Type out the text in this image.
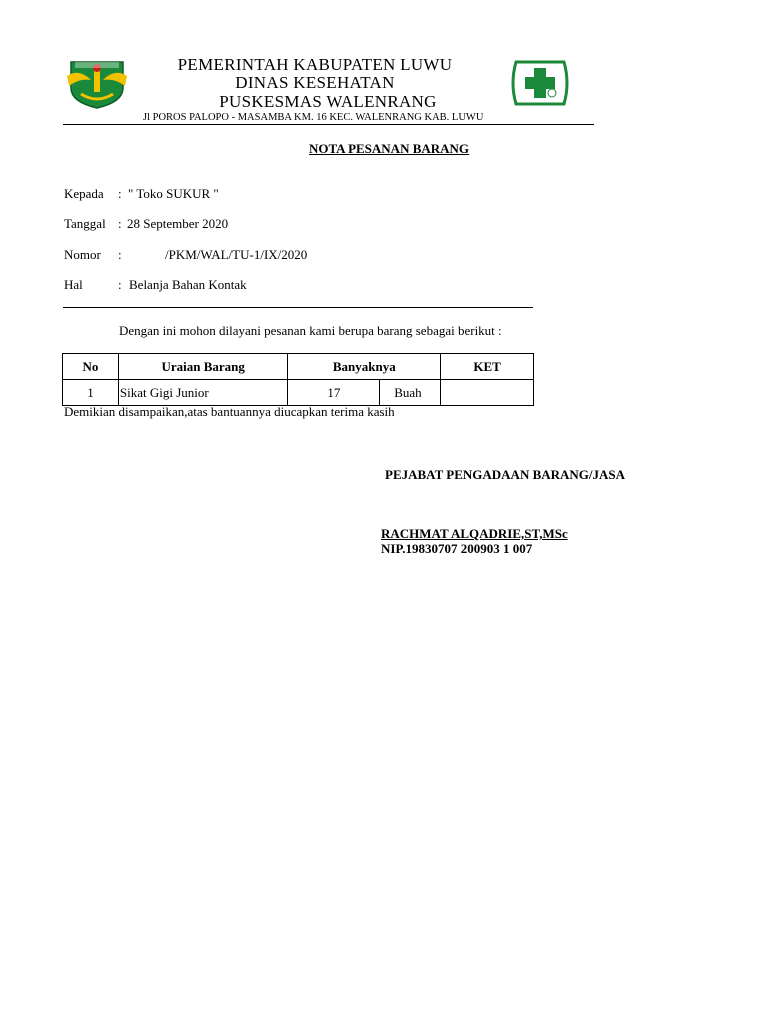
PEMERINTAH KABUPATEN LUWU
DINAS KESEHATAN
PUSKESMAS WALENRANG
Jl POROS PALOPO - MASAMBA KM. 16 KEC. WALENRANG KAB. LUWU
NOTA PESANAN BARANG
Kepada : " Toko SUKUR "
Tanggal : 28 September 2020
Nomor :	/PKM/WAL/TU-1/IX/2020
Hal	: Belanja Bahan Kontak
Dengan ini mohon dilayani pesanan kami berupa barang sebagai berikut :
No	Uraian Barang	Banyaknya		KET
1	Sikat Gigi Junior	17	Buah	
Demikian disampaikan,atas bantuannya diucapkan terima kasih
PEJABAT PENGADAAN BARANG/JASA
RACHMAT ALQADRIE,ST,MSc
NIP.19830707 200903 1 007
